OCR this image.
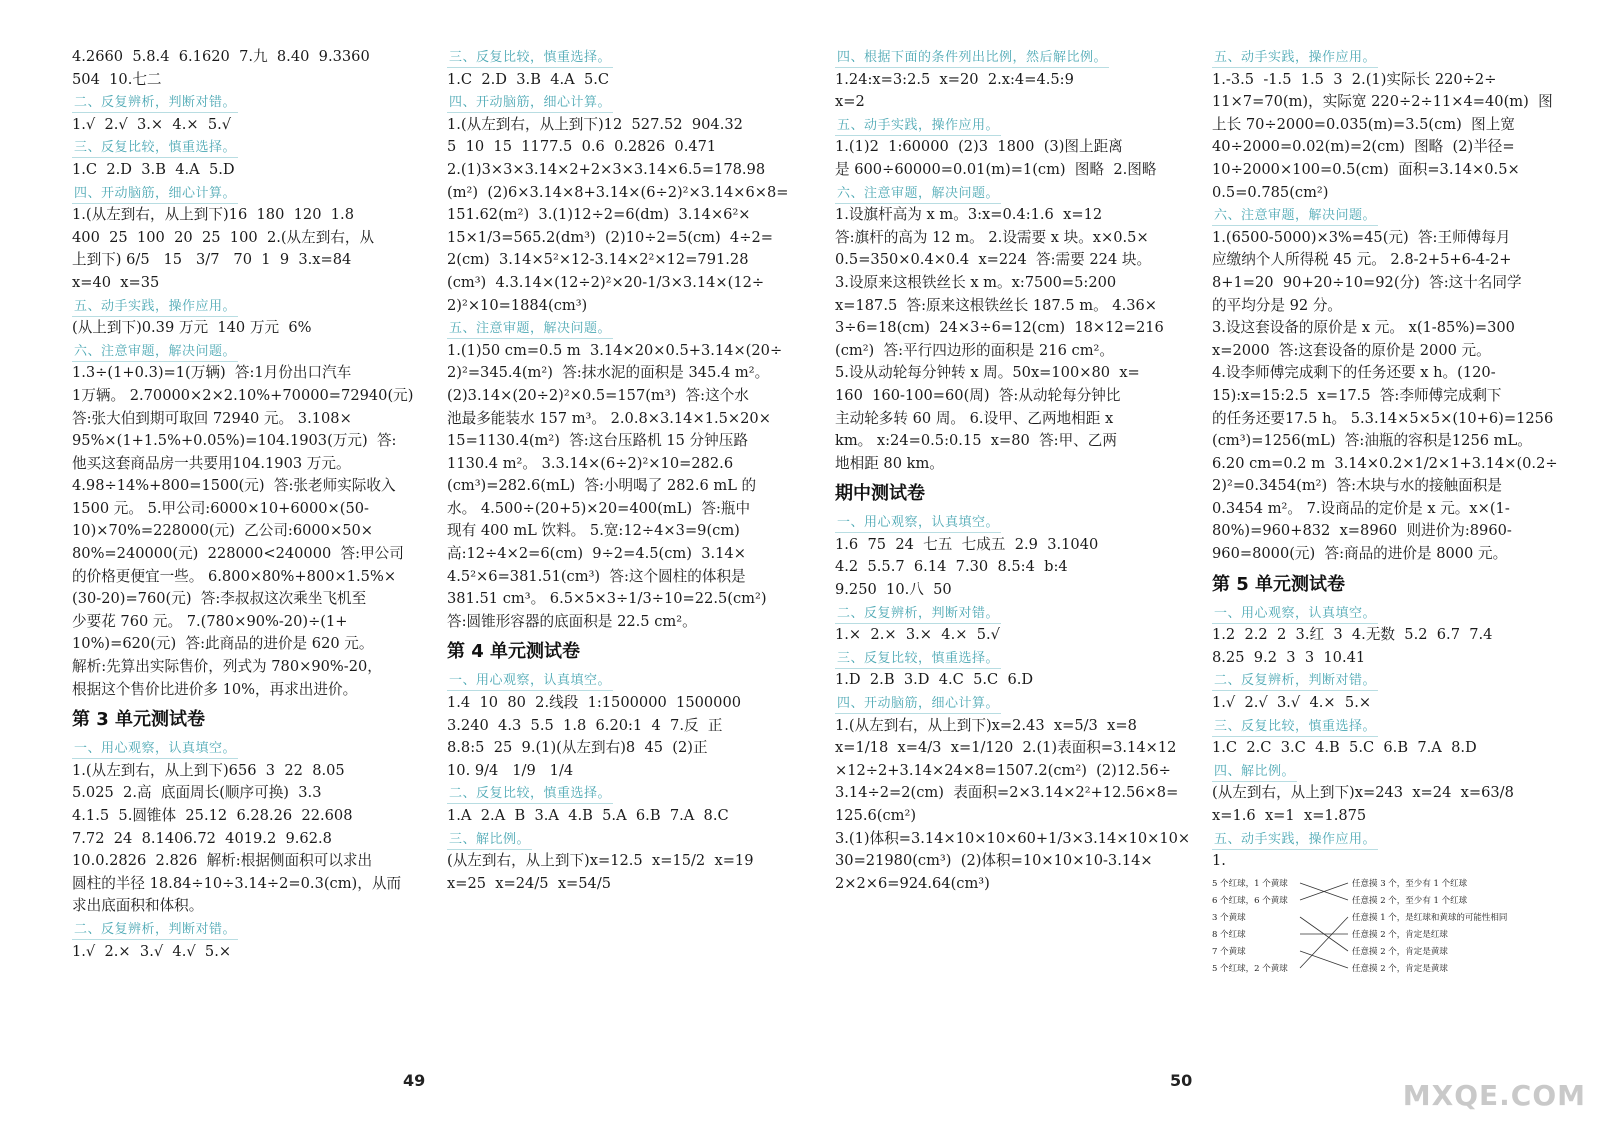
4.2660  5.8.4  6.1620  7.九  8.40  9.3360
504  10.七二
二、反复辨析，判断对错。
1.√  2.√  3.×  4.×  5.√
三、反复比较，慎重选择。
1.C  2.D  3.B  4.A  5.D
四、开动脑筋，细心计算。
1.(从左到右，从上到下)16  180  120  1.8
400  25  100  20  25  100  2.(从左到右，从
上到下) 6/5   15   3/7   70  1  9  3.x=84
x=40  x=35
五、动手实践，操作应用。
(从上到下)0.39 万元  140 万元  6%
六、注意审题，解决问题。
1.3÷(1+0.3)=1(万辆)  答:1月份出口汽车
1万辆。 2.70000×2×2.10%+70000=72940(元)
答:张大伯到期可取回 72940 元。 3.108×
95%×(1+1.5%+0.05%)=104.1903(万元)  答:
他买这套商品房一共要用104.1903 万元。
4.98÷14%+800=1500(元)  答:张老师实际收入
1500 元。 5.甲公司:6000×10+6000×(50-
10)×70%=228000(元)  乙公司:6000×50×
80%=240000(元)  228000<240000  答:甲公司
的价格更便宜一些。 6.800×80%+800×1.5%×
(30-20)=760(元)  答:李叔叔这次乘坐飞机至
少要花 760 元。 7.(780×90%-20)÷(1+
10%)=620(元)  答:此商品的进价是 620 元。
解析:先算出实际售价，列式为 780×90%-20，
根据这个售价比进价多 10%，再求出进价。
第 3 单元测试卷
一、用心观察，认真填空。
1.(从左到右，从上到下)656  3  22  8.05
5.025  2.高  底面周长(顺序可换)  3.3
4.1.5  5.圆锥体  25.12  6.28.26  22.608
7.72  24  8.1406.72  4019.2  9.62.8
10.0.2826  2.826  解析:根据侧面积可以求出
圆柱的半径 18.84÷10÷3.14÷2=0.3(cm)，从而
求出底面积和体积。
二、反复辨析，判断对错。
1.√  2.×  3.√  4.√  5.×
三、反复比较，慎重选择。
1.C  2.D  3.B  4.A  5.C
四、开动脑筋，细心计算。
1.(从左到右，从上到下)12  527.52  904.32
5  10  15  1177.5  0.6  0.2826  0.471
2.(1)3×3×3.14×2+2×3×3.14×6.5=178.98
(m²)  (2)6×3.14×8+3.14×(6÷2)²×3.14×6×8=
151.62(m²)  3.(1)12÷2=6(dm)  3.14×6²×
15×1/3=565.2(dm³)  (2)10÷2=5(cm)  4÷2=
2(cm)  3.14×5²×12-3.14×2²×12=791.28
(cm³)  4.3.14×(12÷2)²×20-1/3×3.14×(12÷
2)²×10=1884(cm³)
五、注意审题，解决问题。
1.(1)50 cm=0.5 m  3.14×20×0.5+3.14×(20÷
2)²=345.4(m²)  答:抹水泥的面积是 345.4 m²。
(2)3.14×(20÷2)²×0.5=157(m³)  答:这个水
池最多能装水 157 m³。 2.0.8×3.14×1.5×20×
15=1130.4(m²)  答:这台压路机 15 分钟压路
1130.4 m²。 3.3.14×(6÷2)²×10=282.6
(cm³)=282.6(mL)  答:小明喝了 282.6 mL 的
水。 4.500÷(20+5)×20=400(mL)  答:瓶中
现有 400 mL 饮料。 5.宽:12÷4×3=9(cm)
高:12÷4×2=6(cm)  9÷2=4.5(cm)  3.14×
4.5²×6=381.51(cm³)  答:这个圆柱的体积是
381.51 cm³。 6.5×5×3÷1/3÷10=22.5(cm²)
答:圆锥形容器的底面积是 22.5 cm²。
第 4 单元测试卷
一、用心观察，认真填空。
1.4  10  80  2.线段  1:1500000  1500000
3.240  4.3  5.5  1.8  6.20:1  4  7.反  正
8.8:5  25  9.(1)(从左到右)8  45  (2)正
10. 9/4   1/9   1/4
二、反复比较，慎重选择。
1.A  2.A  B  3.A  4.B  5.A  6.B  7.A  8.C
三、解比例。
(从左到右，从上到下)x=12.5  x=15/2  x=19
x=25  x=24/5  x=54/5
四、根据下面的条件列出比例，然后解比例。
1.24:x=3:2.5  x=20  2.x:4=4.5:9
x=2
五、动手实践，操作应用。
1.(1)2  1:60000  (2)3  1800  (3)图上距离
是 600÷60000=0.01(m)=1(cm)  图略  2.图略
六、注意审题，解决问题。
1.设旗杆高为 x m。3:x=0.4:1.6  x=12
答:旗杆的高为 12 m。 2.设需要 x 块。x×0.5×
0.5=350×0.4×0.4  x=224  答:需要 224 块。
3.设原来这根铁丝长 x m。x:7500=5:200
x=187.5  答:原来这根铁丝长 187.5 m。 4.36×
3÷6=18(cm)  24×3÷6=12(cm)  18×12=216
(cm²)  答:平行四边形的面积是 216 cm²。
5.设从动轮每分钟转 x 周。50x=100×80  x=
160  160-100=60(周)  答:从动轮每分钟比
主动轮多转 60 周。 6.设甲、乙两地相距 x
km。 x:24=0.5:0.15  x=80  答:甲、乙两
地相距 80 km。
期中测试卷
一、用心观察，认真填空。
1.6  75  24  七五  七成五  2.9  3.1040
4.2  5.5.7  6.14  7.30  8.5:4  b:4
9.250  10.八  50
二、反复辨析，判断对错。
1.×  2.×  3.×  4.×  5.√
三、反复比较，慎重选择。
1.D  2.B  3.D  4.C  5.C  6.D
四、开动脑筋，细心计算。
1.(从左到右，从上到下)x=2.43  x=5/3  x=8
x=1/18  x=4/3  x=1/120  2.(1)表面积=3.14×12
×12÷2+3.14×24×8=1507.2(cm²)  (2)12.56÷
3.14÷2=2(cm)  表面积=2×3.14×2²+12.56×8=
125.6(cm²)
3.(1)体积=3.14×10×10×60+1/3×3.14×10×10×
30=21980(cm³)  (2)体积=10×10×10-3.14×
2×2×6=924.64(cm³)
五、动手实践，操作应用。
1.-3.5  -1.5  1.5  3  2.(1)实际长 220÷2÷
11×7=70(m)，实际宽 220÷2÷11×4=40(m)  图
上长 70÷2000=0.035(m)=3.5(cm)  图上宽
40÷2000=0.02(m)=2(cm)  图略  (2)半径=
10÷2000×100=0.5(cm)  面积=3.14×0.5×
0.5=0.785(cm²)
六、注意审题，解决问题。
1.(6500-5000)×3%=45(元)  答:王师傅每月
应缴纳个人所得税 45 元。 2.8-2+5+6-4-2+
8+1=20  90+20÷10=92(分)  答:这十名同学
的平均分是 92 分。
3.设这套设备的原价是 x 元。 x(1-85%)=300
x=2000  答:这套设备的原价是 2000 元。
4.设李师傅完成剩下的任务还要 x h。(120-
15):x=15:2.5  x=17.5  答:李师傅完成剩下
的任务还要17.5 h。 5.3.14×5×5×(10+6)=1256
(cm³)=1256(mL)  答:油瓶的容积是1256 mL。
6.20 cm=0.2 m  3.14×0.2×1/2×1+3.14×(0.2÷
2)²=0.3454(m²)  答:木块与水的接触面积是
0.3454 m²。 7.设商品的定价是 x 元。x×(1-
80%)=960+832  x=8960  则进价为:8960-
960=8000(元)  答:商品的进价是 8000 元。
第 5 单元测试卷
一、用心观察，认真填空。
1.2  2.2  2  3.红  3  4.无数  5.2  6.7  7.4
8.25  9.2  3  3  10.41
二、反复辨析，判断对错。
1.√  2.√  3.√  4.×  5.×
三、反复比较，慎重选择。
1.C  2.C  3.C  4.B  5.C  6.B  7.A  8.D
四、解比例。
(从左到右，从上到下)x=243  x=24  x=63/8
x=1.6  x=1  x=1.875
五、动手实践，操作应用。
1.
5 个红球，1 个黄球
6 个红球，6 个黄球
3 个黄球
8 个红球
7 个黄球
5 个红球，2 个黄球
任意摸 3 个，至少有 1 个红球
任意摸 2 个，至少有 1 个红球
任意摸 1 个，是红球和黄球的可能性相同
任意摸 2 个，肯定是红球
任意摸 2 个，肯定是黄球
任意摸 2 个，肯定是黄球
49	50	MXQE.COM
